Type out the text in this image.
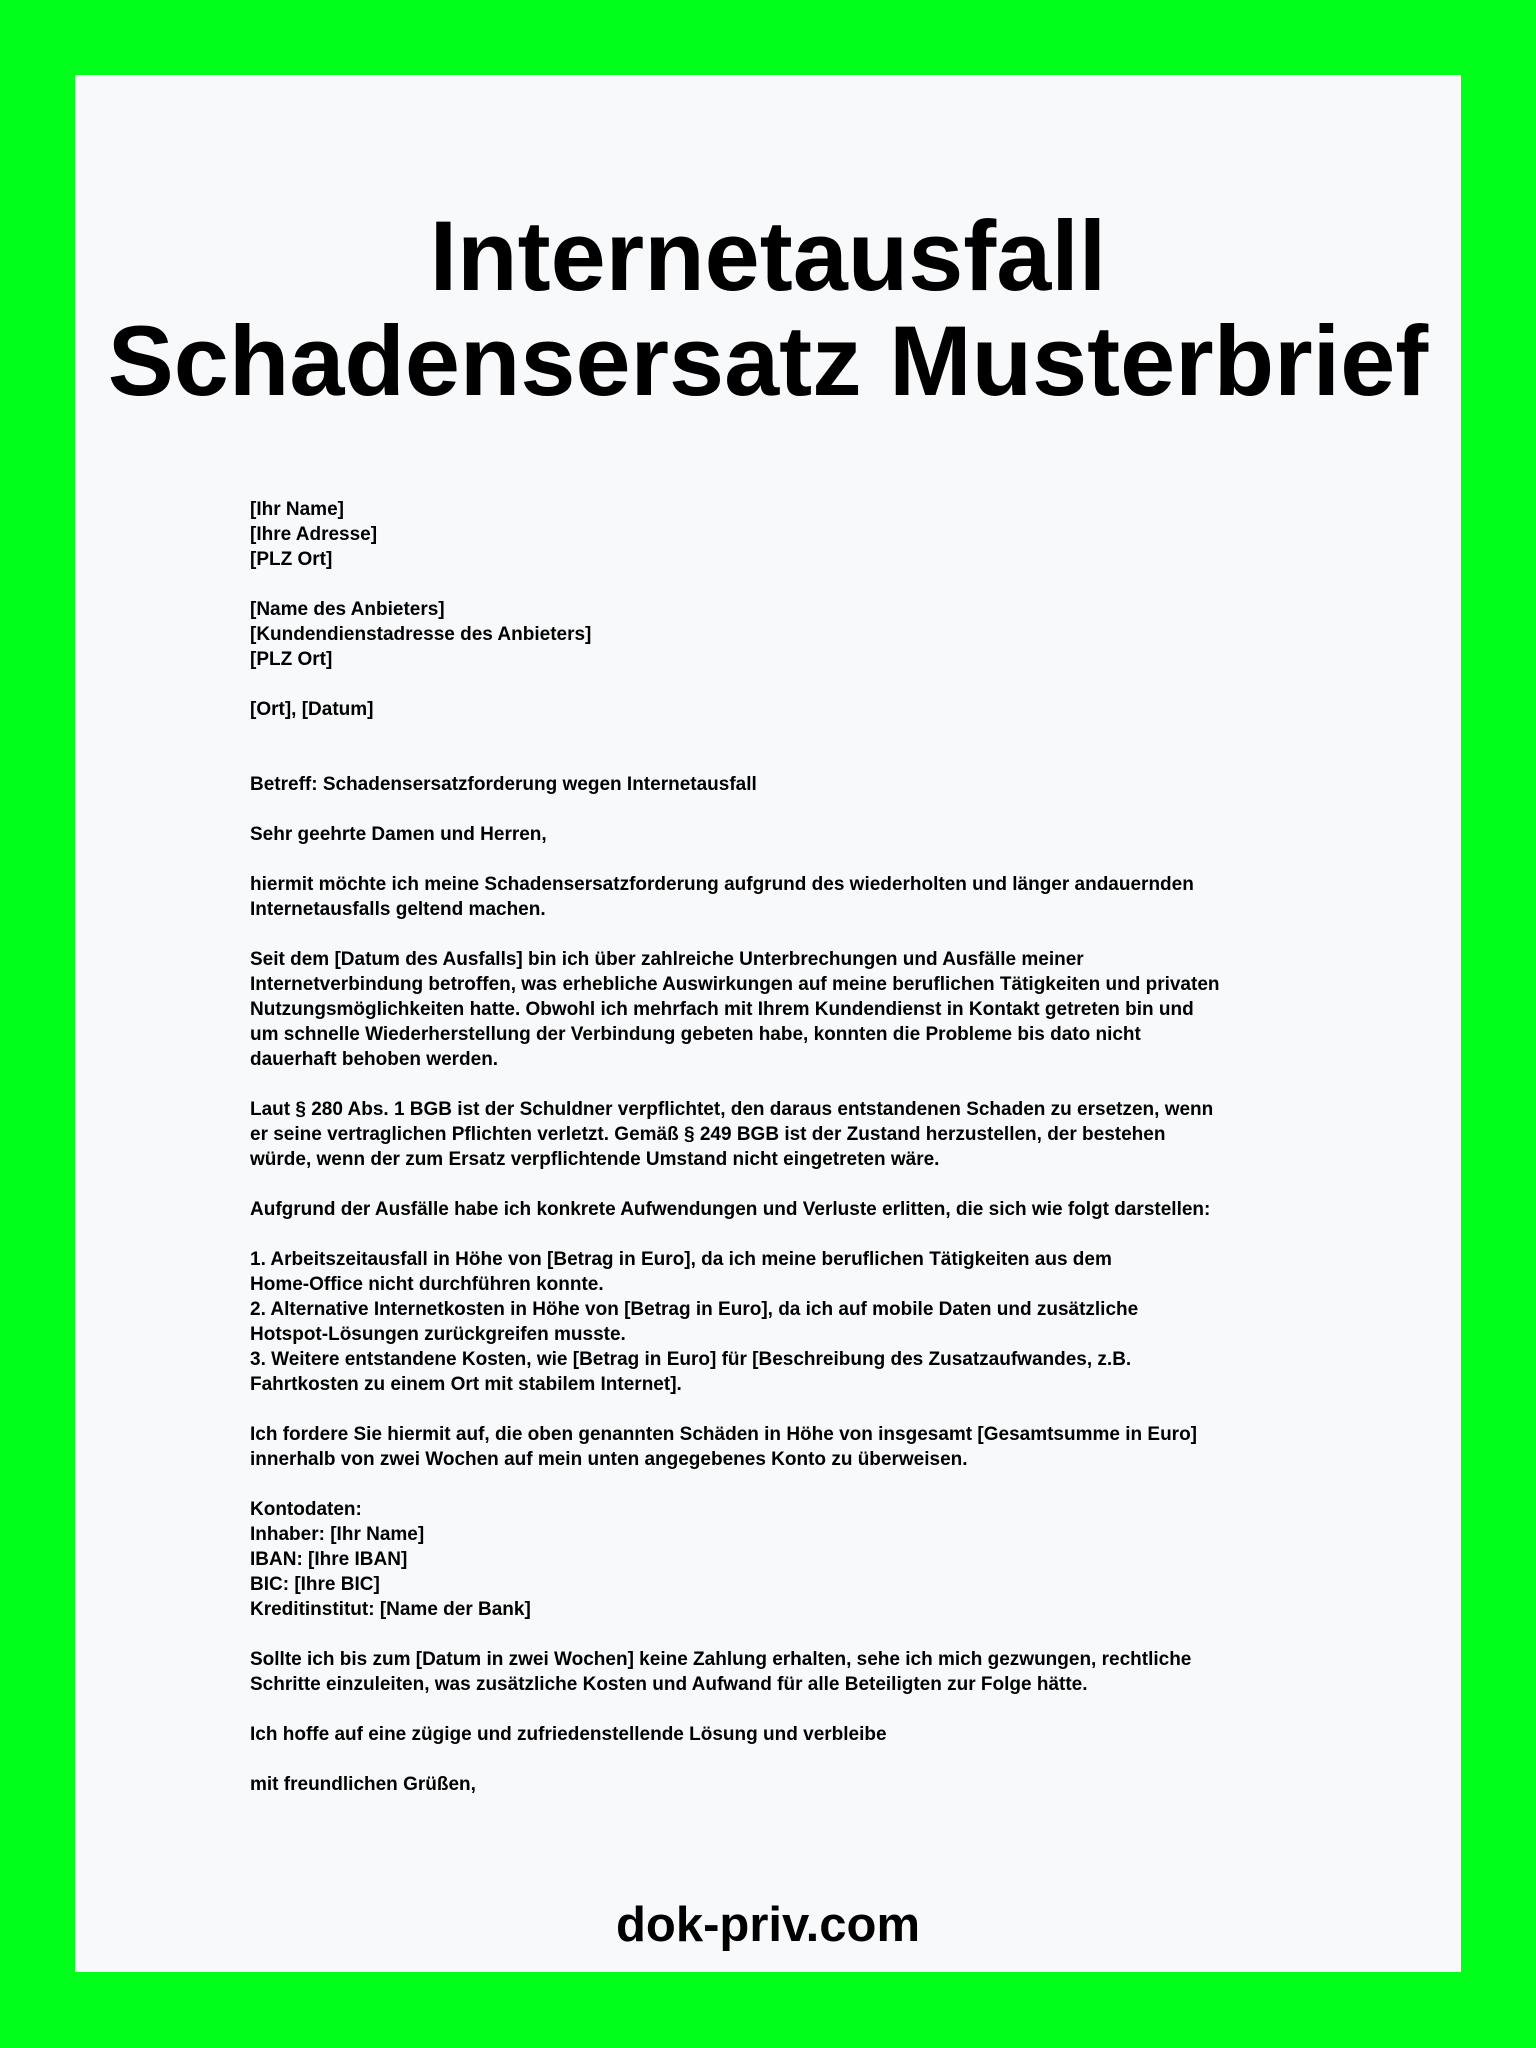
Internetausfall
Schadensersatz Musterbrief
[Ihr Name]
[Ihre Adresse]
[PLZ Ort]
[Name des Anbieters]
[Kundendienstadresse des Anbieters]
[PLZ Ort]
[Ort], [Datum]
Betreff: Schadensersatzforderung wegen Internetausfall
Sehr geehrte Damen und Herren,
hiermit möchte ich meine Schadensersatzforderung aufgrund des wiederholten und länger andauernden
Internetausfalls geltend machen.
Seit dem [Datum des Ausfalls] bin ich über zahlreiche Unterbrechungen und Ausfälle meiner
Internetverbindung betroffen, was erhebliche Auswirkungen auf meine beruflichen Tätigkeiten und privaten
Nutzungsmöglichkeiten hatte. Obwohl ich mehrfach mit Ihrem Kundendienst in Kontakt getreten bin und
um schnelle Wiederherstellung der Verbindung gebeten habe, konnten die Probleme bis dato nicht
dauerhaft behoben werden.
Laut § 280 Abs. 1 BGB ist der Schuldner verpflichtet, den daraus entstandenen Schaden zu ersetzen, wenn
er seine vertraglichen Pflichten verletzt. Gemäß § 249 BGB ist der Zustand herzustellen, der bestehen
würde, wenn der zum Ersatz verpflichtende Umstand nicht eingetreten wäre.
Aufgrund der Ausfälle habe ich konkrete Aufwendungen und Verluste erlitten, die sich wie folgt darstellen:
1. Arbeitszeitausfall in Höhe von [Betrag in Euro], da ich meine beruflichen Tätigkeiten aus dem
Home-Office nicht durchführen konnte.
2. Alternative Internetkosten in Höhe von [Betrag in Euro], da ich auf mobile Daten und zusätzliche
Hotspot-Lösungen zurückgreifen musste.
3. Weitere entstandene Kosten, wie [Betrag in Euro] für [Beschreibung des Zusatzaufwandes, z.B.
Fahrtkosten zu einem Ort mit stabilem Internet].
Ich fordere Sie hiermit auf, die oben genannten Schäden in Höhe von insgesamt [Gesamtsumme in Euro]
innerhalb von zwei Wochen auf mein unten angegebenes Konto zu überweisen.
Kontodaten:
Inhaber: [Ihr Name]
IBAN: [Ihre IBAN]
BIC: [Ihre BIC]
Kreditinstitut: [Name der Bank]
Sollte ich bis zum [Datum in zwei Wochen] keine Zahlung erhalten, sehe ich mich gezwungen, rechtliche
Schritte einzuleiten, was zusätzliche Kosten und Aufwand für alle Beteiligten zur Folge hätte.
Ich hoffe auf eine zügige und zufriedenstellende Lösung und verbleibe
mit freundlichen Grüßen,
dok-priv.com
